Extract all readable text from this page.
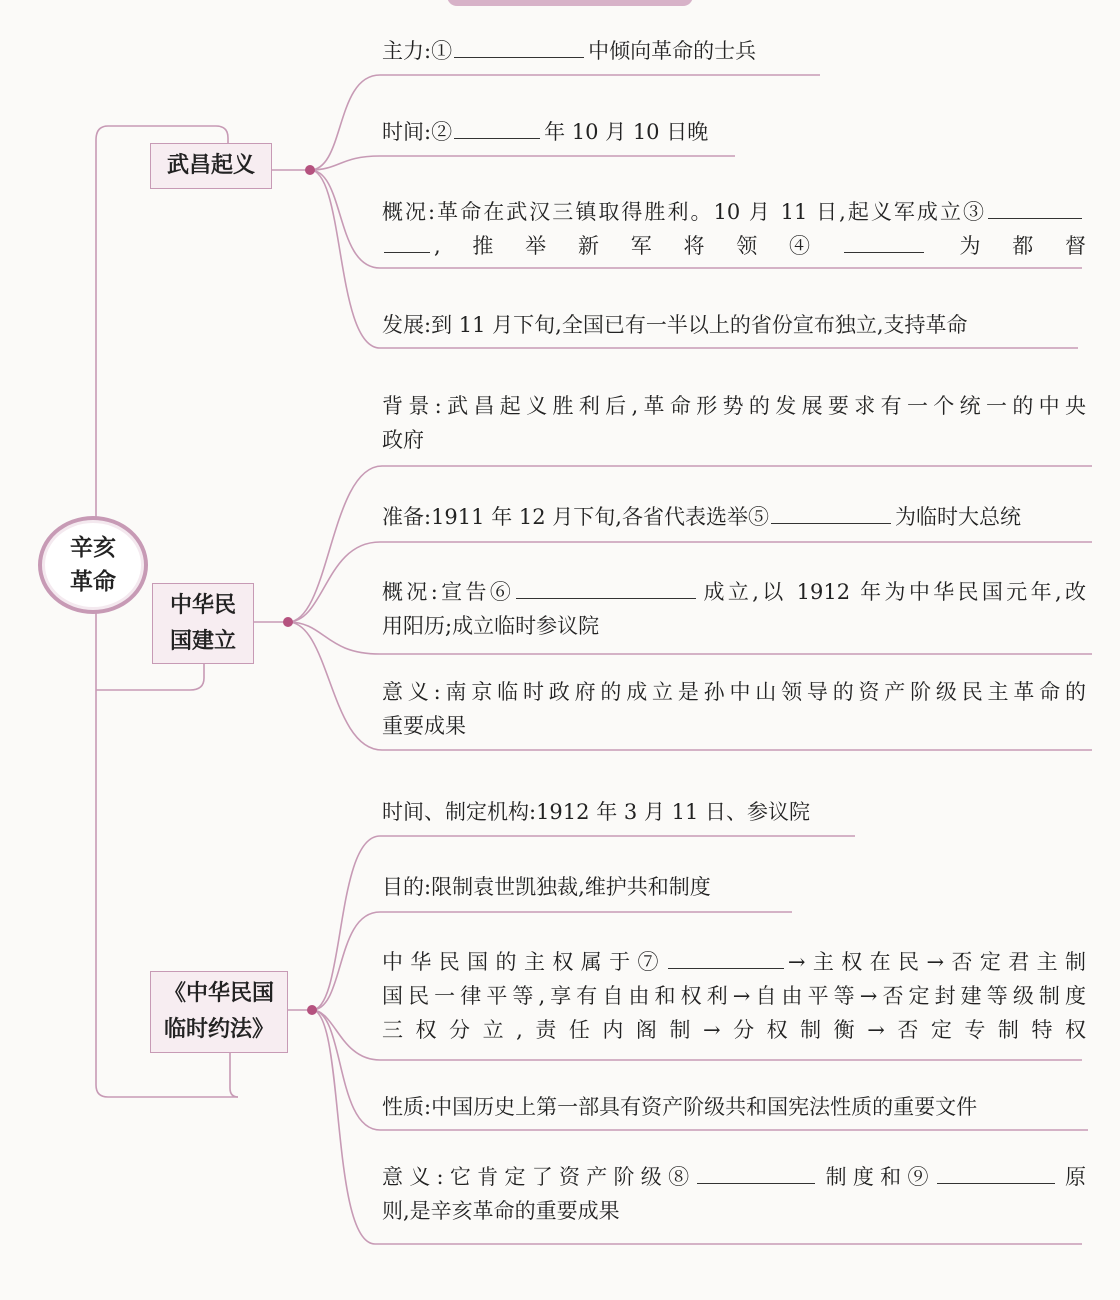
辛亥
革命
武昌起义
中华民
国建立
《中华民国
临时约法》
主力:①	中倾向革命的士兵
时间:②	年 10 月 10 日晚
概况:革命在武汉三镇取得胜利。10 月 11 日,起义军成立③
,推举新军将领④	为都督
发展:到 11 月下旬,全国已有一半以上的省份宣布独立,支持革命
背景:武昌起义胜利后,革命形势的发展要求有一个统一的中央
政府
准备:1911 年 12 月下旬,各省代表选举⑤	为临时大总统
概况:宣告⑥	成立,以 1912 年为中华民国元年,改
用阳历;成立临时参议院
意义:南京临时政府的成立是孙中山领导的资产阶级民主革命的
重要成果
时间、制定机构:1912 年 3 月 11 日、参议院
目的:限制袁世凯独裁,维护共和制度
中华民国的主权属于⑦	→主权在民→否定君主制
国民一律平等,享有自由和权利→自由平等→否定封建等级制度
三权分立,责任内阁制→分权制衡→否定专制特权
性质:中国历史上第一部具有资产阶级共和国宪法性质的重要文件
意义:它肯定了资产阶级⑧	制度和⑨	原
则,是辛亥革命的重要成果
